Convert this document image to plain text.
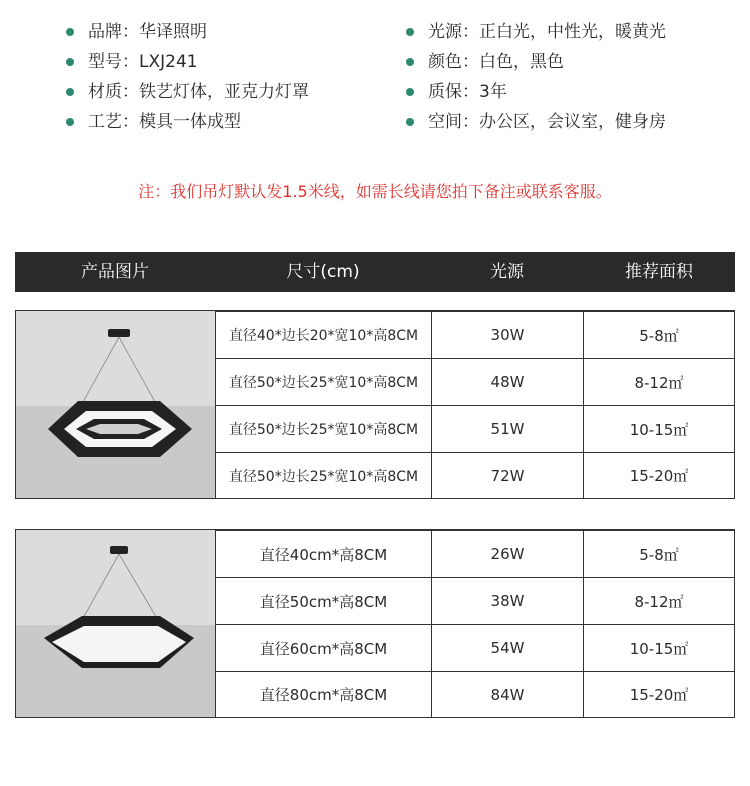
品牌：华译照明
型号：LXJ241
材质：铁艺灯体，亚克力灯罩
工艺：模具一体成型
光源：正白光，中性光，暖黄光
颜色：白色，黑色
质保：3年
空间：办公区，会议室，健身房
注：我们吊灯默认发1.5米线，如需长线请您拍下备注或联系客服。
产品图片	尺寸(cm)	光源	推荐面积
直径40*边长20*宽10*高8CM	30W	5-8㎡
直径50*边长25*宽10*高8CM	48W	8-12㎡
直径50*边长25*宽10*高8CM	51W	10-15㎡
直径50*边长25*宽10*高8CM	72W	15-20㎡
直径40cm*高8CM	26W	5-8㎡
直径50cm*高8CM	38W	8-12㎡
直径60cm*高8CM	54W	10-15㎡
直径80cm*高8CM	84W	15-20㎡
